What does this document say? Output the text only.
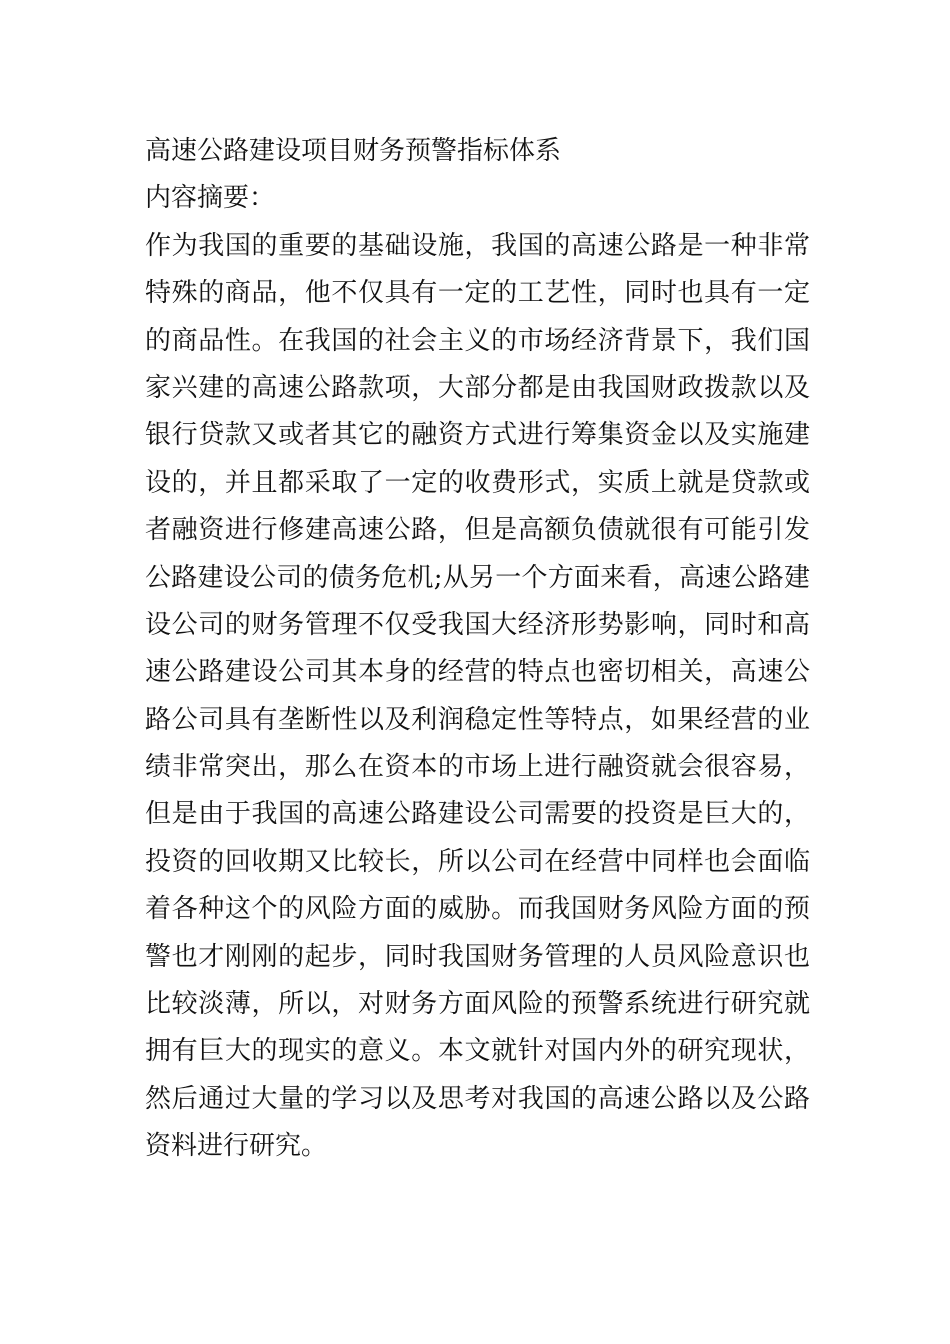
高速公路建设项目财务预警指标体系
内容摘要：
作为我国的重要的基础设施，我国的高速公路是一种非常
特殊的商品，他不仅具有一定的工艺性，同时也具有一定
的商品性。在我国的社会主义的市场经济背景下，我们国
家兴建的高速公路款项，大部分都是由我国财政拨款以及
银行贷款又或者其它的融资方式进行筹集资金以及实施建
设的，并且都采取了一定的收费形式，实质上就是贷款或
者融资进行修建高速公路，但是高额负债就很有可能引发
公路建设公司的债务危机;从另一个方面来看，高速公路建
设公司的财务管理不仅受我国大经济形势影响，同时和高
速公路建设公司其本身的经营的特点也密切相关，高速公
路公司具有垄断性以及利润稳定性等特点，如果经营的业
绩非常突出，那么在资本的市场上进行融资就会很容易，
但是由于我国的高速公路建设公司需要的投资是巨大的，
投资的回收期又比较长，所以公司在经营中同样也会面临
着各种这个的风险方面的威胁。而我国财务风险方面的预
警也才刚刚的起步，同时我国财务管理的人员风险意识也
比较淡薄，所以，对财务方面风险的预警系统进行研究就
拥有巨大的现实的意义。本文就针对国内外的研究现状，
然后通过大量的学习以及思考对我国的高速公路以及公路
资料进行研究。
